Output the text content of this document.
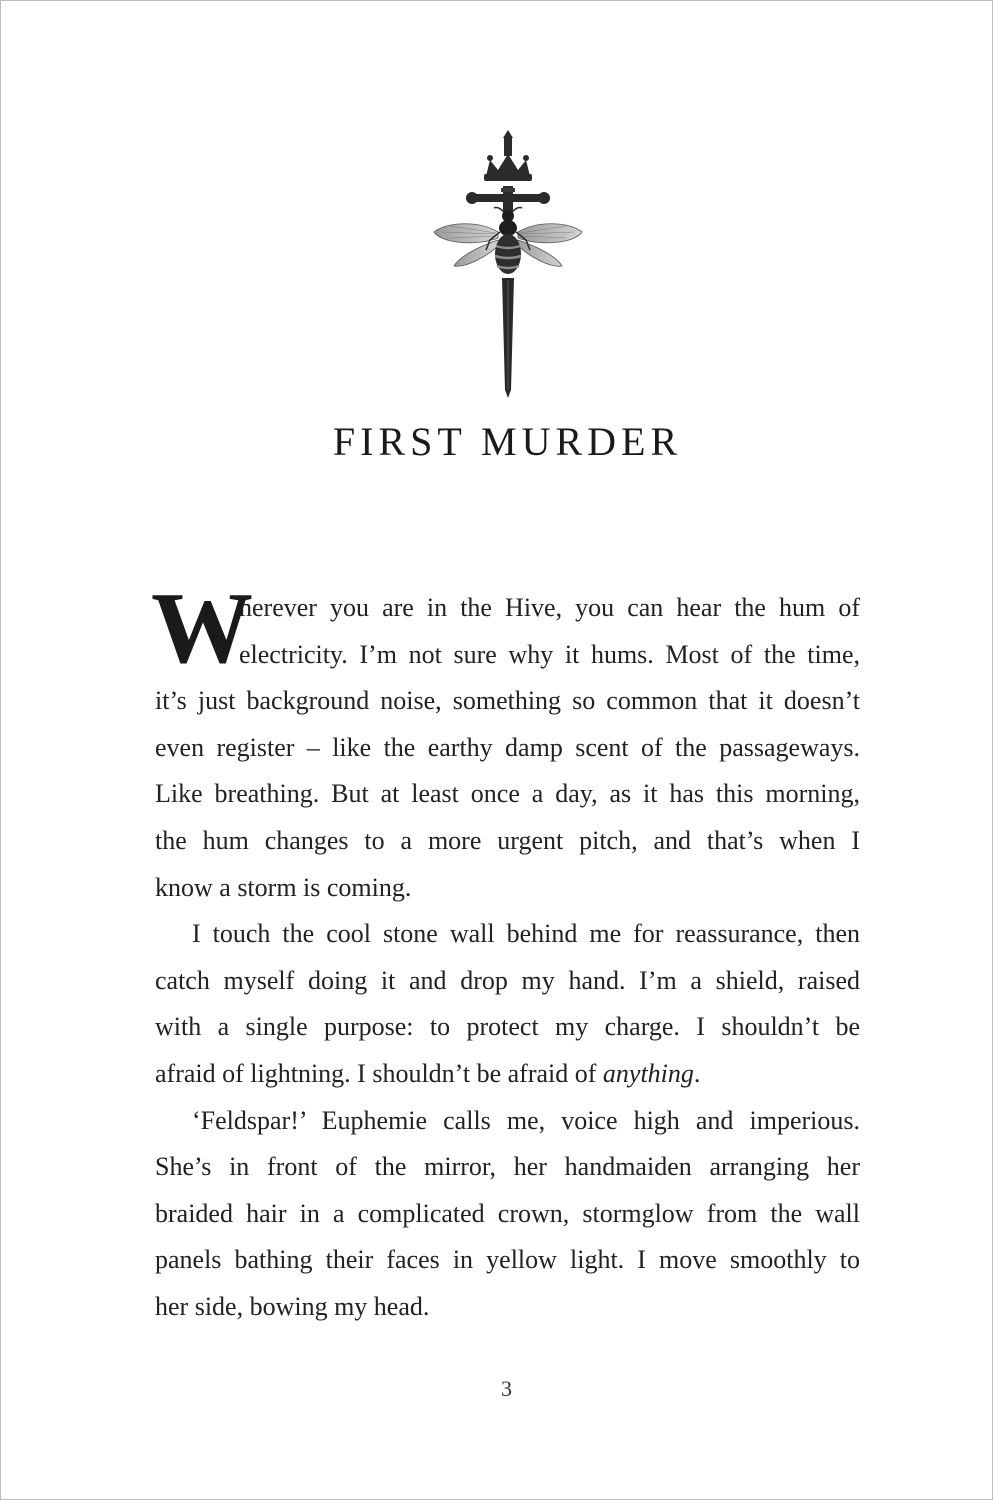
FIRST MURDER
W
herever you are in the Hive, you can hear the hum of
electricity. I’m not sure why it hums. Most of the time,
it’s just background noise, something so common that it doesn’t
even register – like the earthy damp scent of the passageways.
Like breathing. But at least once a day, as it has this morning,
the hum changes to a more urgent pitch, and that’s when I
know a storm is coming.
I touch the cool stone wall behind me for reassurance, then
catch myself doing it and drop my hand. I’m a shield, raised
with a single purpose: to protect my charge. I shouldn’t be
afraid of lightning. I shouldn’t be afraid of anything.
‘Feldspar!’ Euphemie calls me, voice high and imperious.
She’s in front of the mirror, her handmaiden arranging her
braided hair in a complicated crown, stormglow from the wall
panels bathing their faces in yellow light. I move smoothly to
her side, bowing my head.
3
